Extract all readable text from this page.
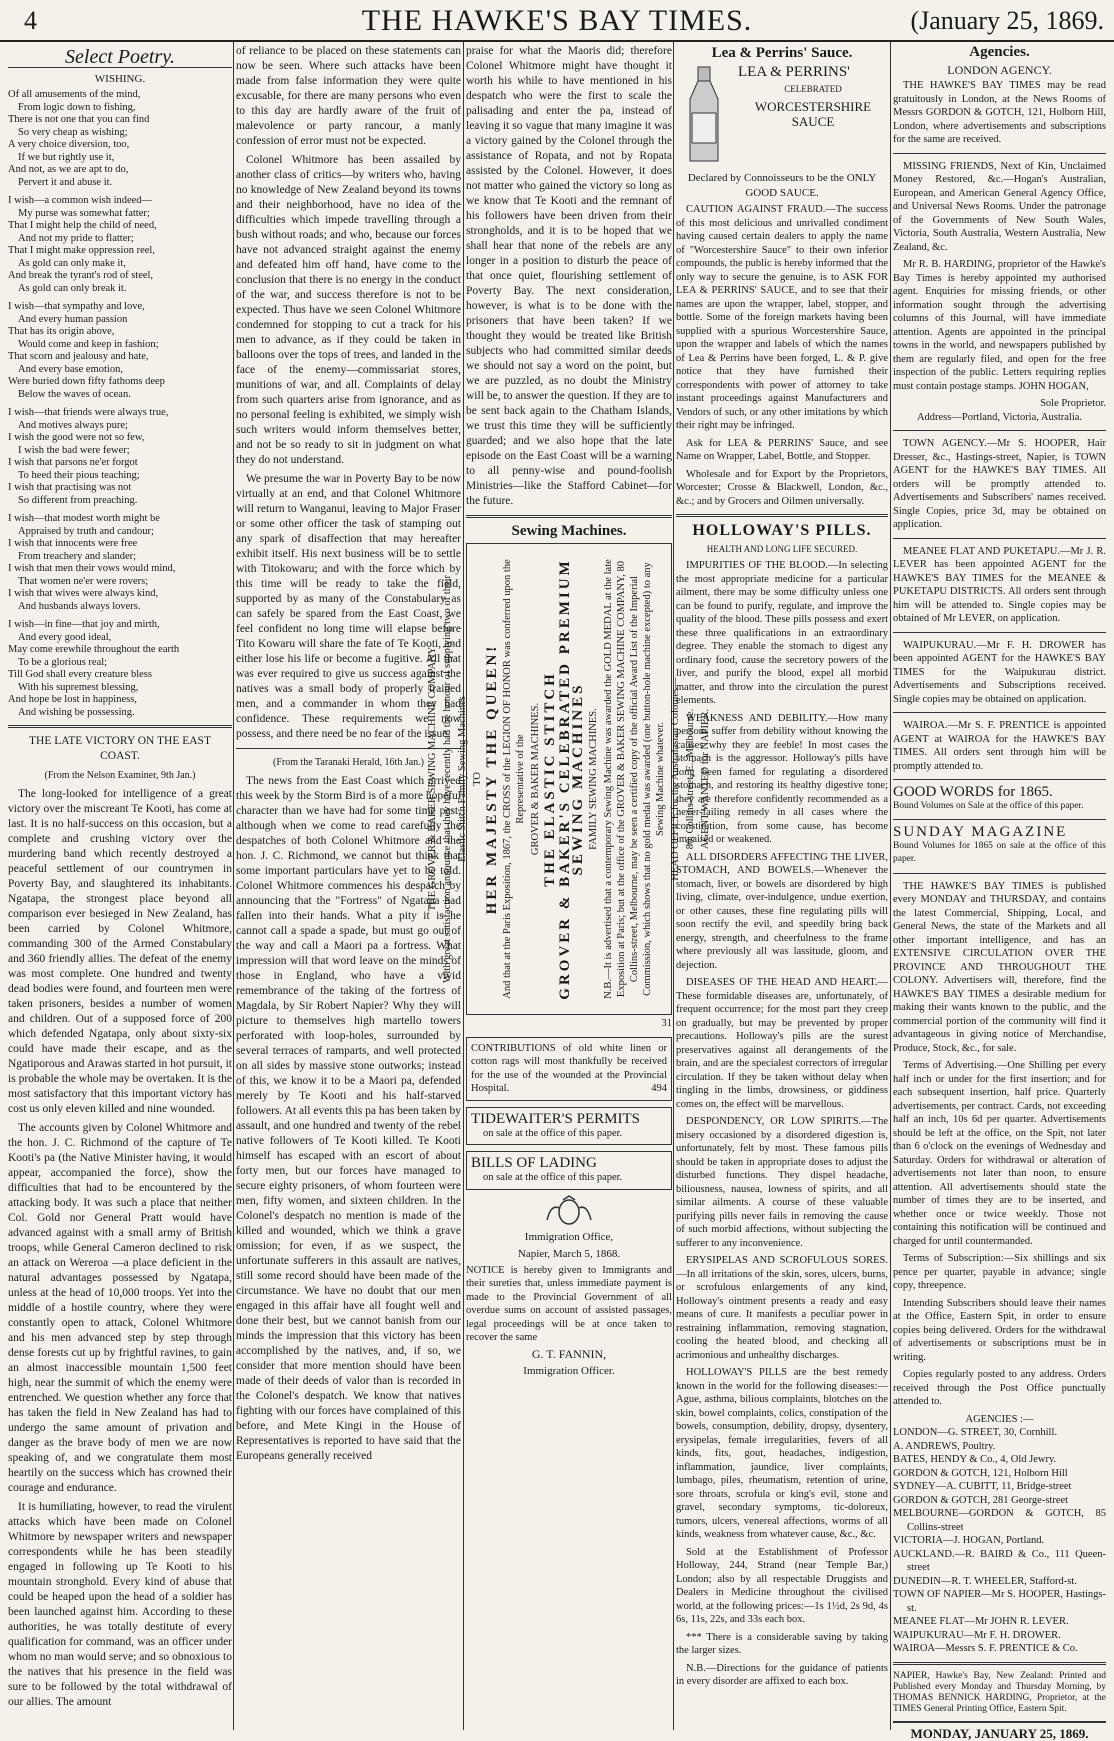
4	THE HAWKE'S BAY TIMES.	(January 25, 1869.
Select Poetry.
WISHING.
Of all amusements of the mind,
From logic down to fishing,
There is not one that you can find
So very cheap as wishing;
A very choice diversion, too,
If we but rightly use it,
And not, as we are apt to do,
Pervert it and abuse it.
I wish—a common wish indeed—
My purse was somewhat fatter;
That I might help the child of need,
And not my pride to flatter;
That I might make oppression reel,
As gold can only make it,
And break the tyrant's rod of steel,
As gold can only break it.
I wish—that sympathy and love,
And every human passion
That has its origin above,
Would come and keep in fashion;
That scorn and jealousy and hate,
And every base emotion,
Were buried down fifty fathoms deep
Below the waves of ocean.
I wish—that friends were always true,
And motives always pure;
I wish the good were not so few,
I wish the bad were fewer;
I wish that parsons ne'er forgot
To heed their pious teaching;
I wish that practising was not
So different from preaching.
I wish—that modest worth might be
Appraised by truth and candour;
I wish that innocents were free
From treachery and slander;
I wish that men their vows would mind,
That women ne'er were rovers;
I wish that wives were always kind,
And husbands always lovers.
I wish—in fine—that joy and mirth,
And every good ideal,
May come erewhile throughout the earth
To be a glorious real;
Till God shall every creature bless
With his supremest blessing,
And hope be lost in happiness,
And wishing be possessing.
THE LATE VICTORY ON THE EAST COAST.
(From the Nelson Examiner, 9th Jan.)

The long-looked for intelligence of a great victory over the miscreant Te Kooti, has come at last. It is no half-success on this occasion, but a complete and crushing victory over the murdering band which recently destroyed a peaceful settlement of our countrymen in Poverty Bay, and slaughtered its inhabitants. Ngatapa, the strongest place beyond all comparison ever besieged in New Zealand, has been carried by Colonel Whitmore, commanding 300 of the Armed Constabulary and 360 friendly allies. The defeat of the enemy was most complete. One hundred and twenty dead bodies were found, and fourteen men were taken prisoners, besides a number of women and children. Out of a supposed force of 200 which defended Ngatapa, only about sixty-six could have made their escape, and as the Ngatiporous and Arawas started in hot pursuit, it is probable the whole may be overtaken. It is the most satisfactory that this important victory has cost us only eleven killed and nine wounded.

The accounts given by Colonel Whitmore and the hon. J. C. Richmond of the capture of Te Kooti's pa (the Native Minister having, it would appear, accompanied the force), show the difficulties that had to be encountered by the attacking body. It was such a place that neither Col. Gold nor General Pratt would have advanced against with a small army of British troops, while General Cameron declined to risk an attack on Wereroa —a place deficient in the natural advantages possessed by Ngatapa, unless at the head of 10,000 troops. Yet into the middle of a hostile country, where they were constantly open to attack, Colonel Whitmore and his men advanced step by step through dense forests cut up by frightful ravines, to gain an almost inaccessible mountain 1,500 feet high, near the summit of which the enemy were entrenched. We question whether any force that has taken the field in New Zealand has had to undergo the same amount of privation and danger as the brave body of men we are now speaking of, and we congratulate them most heartily on the success which has crowned their courage and endurance.

It is humiliating, however, to read the virulent attacks which have been made on Colonel Whitmore by newspaper writers and newspaper correspondents while he has been steadily engaged in following up Te Kooti to his mountain stronghold. Every kind of abuse that could be heaped upon the head of a soldier has been launched against him. According to these authorities, he was totally destitute of every qualification for command, was an officer under whom no man would serve; and so obnoxious to the natives that his presence in the field was sure to be followed by the total withdrawal of our allies. The amount

of reliance to be placed on these statements can now be seen. Where such attacks have been made from false information they were quite excusable, for there are many persons who even to this day are hardly aware of the fruit of malevolence or party rancour, a manly confession of error must not be expected.

Colonel Whitmore has been assailed by another class of critics—by writers who, having no knowledge of New Zealand beyond its towns and their neighborhood, have no idea of the difficulties which impede travelling through a bush without roads; and who, because our forces have not advanced straight against the enemy and defeated him off hand, have come to the conclusion that there is no energy in the conduct of the war, and success therefore is not to be expected. Thus have we seen Colonel Whitmore condemned for stopping to cut a track for his men to advance, as if they could be taken in balloons over the tops of trees, and landed in the face of the enemy—commissariat stores, munitions of war, and all. Complaints of delay from such quarters arise from ignorance, and as no personal feeling is exhibited, we simply wish such writers would inform themselves better, and not be so ready to sit in judgment on what they do not understand.

We presume the war in Poverty Bay to be now virtually at an end, and that Colonel Whitmore will return to Wanganui, leaving to Major Fraser or some other officer the task of stamping out any spark of disaffection that may hereafter exhibit itself. His next business will be to settle with Titokowaru; and with the force which by this time will be ready to take the field, supported by as many of the Constabulary as can safely be spared from the East Coast, we feel confident no long time will elapse before Tito Kowaru will share the fate of Te Kooti, and either lose his life or become a fugitive. All that was ever required to give us success against the natives was a small body of properly trained men, and a commander in whom they had confidence. These requirements we now possess, and there need be no fear of the issue.

(From the Taranaki Herald, 16th Jan.)

The news from the East Coast which arrived this week by the Storm Bird is of a more hopeful character than we have had for some time past, although when we come to read carefully the despatches of both Colonel Whitmore and the hon. J. C. Richmond, we cannot but think that some important particulars have yet to be told. Colonel Whitmore commences his despatch by announcing that the "Fortress" of Ngatapa had fallen into their hands. What a pity it is he cannot call a spade a spade, but must go out of the way and call a Maori pa a fortress. What impression will that word leave on the minds of those in England, who have a vivid remembrance of the taking of the fortress of Magdala, by Sir Robert Napier? Why they will picture to themselves high martello towers perforated with loop-holes, surrounded by several terraces of ramparts, and well protected on all sides by massive stone outworks; instead of this, we know it to be a Maori pa, defended merely by Te Kooti and his half-starved followers. At all events this pa has been taken by assault, and one hundred and twenty of the rebel native followers of Te Kooti killed. Te Kooti himself has escaped with an escort of about forty men, but our forces have managed to secure eighty prisoners, of whom fourteen were men, fifty women, and sixteen children. In the Colonel's despatch no mention is made of the killed and wounded, which we think a grave omission; for even, if as we suspect, the unfortunate sufferers in this assault are natives, still some record should have been made of the circumstance. We have no doubt that our men engaged in this affair have all fought well and done their best, but we cannot banish from our minds the impression that this victory has been accomplished by the natives, and, if so, we consider that more mention should have been made of their deeds of valor than is recorded in the Colonel's despatch. We know that natives fighting with our forces have complained of this before, and Mete Kingi in the House of Representatives is reported to have said that the Europeans generally received

praise for what the Maoris did; therefore Colonel Whitmore might have thought it worth his while to have mentioned in his despatch who were the first to scale the palisading and enter the pa, instead of leaving it so vague that many imagine it was a victory gained by the Colonel through the assistance of Ropata, and not by Ropata assisted by the Colonel. However, it does not matter who gained the victory so long as we know that Te Kooti and the remnant of his followers have been driven from their strongholds, and it is to be hoped that we shall hear that none of the rebels are any longer in a position to disturb the peace of that once quiet, flourishing settlement of Poverty Bay. The next consideration, however, is what is to be done with the prisoners that have been taken? If we thought they would be treated like British subjects who had committed similar deeds we should not say a word on the point, but we are puzzled, as no doubt the Ministry will be, to answer the question. If they are to be sent back again to the Chatham Islands, we trust this time they will be sufficiently guarded; and we also hope that the late episode on the East Coast will be a warning to all penny-wise and pound-foolish Ministries—like the Stafford Cabinet—for the future.

Sewing Machines.
THE GROVER & BAKER SEWING MACHINE COMPANY With great satisfaction announce that they have recently had the honour of supplying two of their Elastic Stitch Family Sewing Machines TO HER MAJESTY THE QUEEN! And that at the Paris Exposition, 1867, the CROSS of the LEGION OF HONOR was conferred upon the Representative of the GROVER & BAKER MACHINES. THE ELASTIC STITCH GROVER & BAKER'S CELEBRATED PREMIUM SEWING MACHINES FAMILY SEWING MACHINES. N.B.—It is advertised that a contemporary Sewing Machine was awarded the GOLD MEDAL at the late Exposition at Paris; but at the office of the GROVER & BAKER SEWING MACHINE COMPANY, 80 Collins-street, Melbourne, may be seen a certified copy of the official Award List of the Imperial Commission, which shows that no gold medal was awarded (one button-hole machine excepted) to any Sewing Machine whatever. HEAD OFFICE for the Australasian Colonies— 80, Collins-street, E., Melbourne. AGENT WANTED for NAPIER.
31
CONTRIBUTIONS of old white linen or cotton rags will most thankfully be received for the use of the wounded at the Provincial Hospital.	494
TIDEWAITER'S PERMITS
on sale at the office of this paper.
BILLS OF LADING
on sale at the office of this paper.
Immigration Office,
Napier, March 5, 1868.
NOTICE is hereby given to Immigrants and their sureties that, unless immediate payment is made to the Provincial Government of all overdue sums on account of assisted passages, legal proceedings will be at once taken to recover the same
G. T. FANNIN,
Immigration Officer.
Lea & Perrins' Sauce.
LEA & PERRINS'
CELEBRATED
WORCESTERSHIRE SAUCE
Declared by Connoisseurs to be the ONLY GOOD SAUCE.

CAUTION AGAINST FRAUD.—The success of this most delicious and unrivalled condiment having caused certain dealers to apply the name of "Worcestershire Sauce" to their own inferior compounds, the public is hereby informed that the only way to secure the genuine, is to ASK FOR LEA & PERRINS' SAUCE, and to see that their names are upon the wrapper, label, stopper, and bottle. Some of the foreign markets having been supplied with a spurious Worcestershire Sauce, upon the wrapper and labels of which the names of Lea & Perrins have been forged, L. & P. give notice that they have furnished their correspondents with power of attorney to take instant proceedings against Manufacturers and Vendors of such, or any other imitations by which their right may be infringed.

Ask for LEA & PERRINS' Sauce, and see Name on Wrapper, Label, Bottle, and Stopper.

Wholesale and for Export by the Proprietors, Worcester; Crosse & Blackwell, London, &c., &c.; and by Grocers and Oilmen universally.

HOLLOWAY'S PILLS.
HEALTH AND LONG LIFE SECURED.

IMPURITIES OF THE BLOOD.—In selecting the most appropriate medicine for a particular ailment, there may be some difficulty unless one can be found to purify, regulate, and improve the quality of the blood. These pills possess and exert these three qualifications in an extraordinary degree. They enable the stomach to digest any ordinary food, cause the secretory powers of the liver, and purify the blood, expel all morbid matter, and throw into the circulation the purest elements.

WEAKNESS AND DEBILITY.—How many persons suffer from debility without knowing the causes why they are feeble! In most cases the stomach is the aggressor. Holloway's pills have long been famed for regulating a disordered stomach, and restoring its healthy digestive tone; they are therefore confidently recommended as a never-failing remedy in all cases where the constitution, from some cause, has become impaired or weakened.

ALL DISORDERS AFFECTING THE LIVER, STOMACH, AND BOWELS.—Whenever the stomach, liver, or bowels are disordered by high living, climate, over-indulgence, undue exertion, or other causes, these fine regulating pills will soon rectify the evil, and speedily bring back energy, strength, and cheerfulness to the frame where previously all was lassitude, gloom, and dejection.

DISEASES OF THE HEAD AND HEART.—These formidable diseases are, unfortunately, of frequent occurrence; for the most part they creep on gradually, but may be prevented by proper precautions. Holloway's pills are the surest preservatives against all derangements of the brain, and are the specialest correctors of irregular circulation. If they be taken without delay when tingling in the limbs, drowsiness, or giddiness comes on, the effect will be marvellous.

DESPONDENCY, OR LOW SPIRITS.—The misery occasioned by a disordered digestion is, unfortunately, felt by most. These famous pills should be taken in appropriate doses to adjust the disturbed functions. They dispel headache, biliousness, nausea, lowness of spirits, and all similar ailments. A course of these valuable purifying pills never fails in removing the cause of such morbid affections, without subjecting the sufferer to any inconvenience.

ERYSIPELAS AND SCROFULOUS SORES.—In all irritations of the skin, sores, ulcers, burns, or scrofulous enlargements of any kind, Holloway's ointment presents a ready and easy means of cure. It manifests a peculiar power in restraining inflammation, removing stagnation, cooling the heated blood, and checking all acrimonious and unhealthy discharges.

HOLLOWAY'S PILLS are the best remedy known in the world for the following diseases:—Ague, asthma, bilious complaints, blotches on the skin, bowel complaints, colics, constipation of the bowels, consumption, debility, dropsy, dysentery, erysipelas, female irregularities, fevers of all kinds, fits, gout, headaches, indigestion, inflammation, jaundice, liver complaints, lumbago, piles, rheumatism, retention of urine, sore throats, scrofula or king's evil, stone and gravel, secondary symptoms, tic-doloreux, tumors, ulcers, venereal affections, worms of all kinds, weakness from whatever cause, &c., &c.

Sold at the Establishment of Professor Holloway, 244, Strand (near Temple Bar,) London; also by all respectable Druggists and Dealers in Medicine throughout the civilised world, at the following prices:—1s 1½d, 2s 9d, 4s 6s, 11s, 22s, and 33s each box.

*** There is a considerable saving by taking the larger sizes.

N.B.—Directions for the guidance of patients in every disorder are affixed to each box.

Agencies.
LONDON AGENCY.

THE HAWKE'S BAY TIMES may be read gratuitously in London, at the News Rooms of Messrs GORDON & GOTCH, 121, Holborn Hill, London, where advertisements and subscriptions for the same are received.

MISSING FRIENDS, Next of Kin, Unclaimed Money Restored, &c.—Hogan's Australian, European, and American General Agency Office, and Universal News Rooms. Under the patronage of the Governments of New South Wales, Victoria, South Australia, Western Australia, New Zealand, &c.

Mr R. B. HARDING, proprietor of the Hawke's Bay Times is hereby appointed my authorised agent. Enquiries for missing friends, or other information sought through the advertising columns of this Journal, will have immediate attention. Agents are appointed in the principal towns in the world, and newspapers published by them are regularly filed, and open for the free inspection of the public. Letters requiring replies must contain postage stamps. JOHN HOGAN,

Sole Proprietor.
Address—Portland, Victoria, Australia.

TOWN AGENCY.—Mr S. HOOPER, Hair Dresser, &c., Hastings-street, Napier, is TOWN AGENT for the HAWKE'S BAY TIMES. All orders will be promptly attended to. Advertisements and Subscribers' names received. Single Copies, price 3d, may be obtained on application.

MEANEE FLAT AND PUKETAPU.—Mr J. R. LEVER has been appointed AGENT for the HAWKE'S BAY TIMES for the MEANEE & PUKETAPU DISTRICTS. All orders sent through him will be attended to. Single copies may be obtained of Mr LEVER, on application.

WAIPUKURAU.—Mr F. H. DROWER has been appointed AGENT for the HAWKE'S BAY TIMES for the Waipukurau district. Advertisements and Subscriptions received. Single copies may be obtained on application.

WAIROA.—Mr S. F. PRENTICE is appointed AGENT at WAIROA for the HAWKE'S BAY TIMES. All orders sent through him will be promptly attended to.

GOOD WORDS for 1865.
Bound Volumes on Sale at the office of this paper.
SUNDAY MAGAZINE
Bound Volumes for 1865 on sale at the office of this paper.

THE HAWKE'S BAY TIMES is published every MONDAY and THURSDAY, and contains the latest Commercial, Shipping, Local, and General News, the state of the Markets and all other important intelligence, and has an EXTENSIVE CIRCULATION OVER THE PROVINCE AND THROUGHOUT THE COLONY. Advertisers will, therefore, find the HAWKE'S BAY TIMES a desirable medium for making their wants known to the public, and the commercial portion of the community will find it advantageous in giving notice of Merchandise, Produce, Stock, &c., for sale.

Terms of Advertising.—One Shilling per every half inch or under for the first insertion; and for each subsequent insertion, half price. Quarterly advertisements, per contract. Cards, not exceeding half an inch, 10s 6d per quarter. Advertisements should be left at the office, on the Spit, not later than 6 o'clock on the evenings of Wednesday and Saturday. Orders for withdrawal or alteration of advertisements not later than noon, to ensure attention. All advertisements should state the number of times they are to be inserted, and whether once or twice weekly. Those not containing this notification will be continued and charged for until countermanded.

Terms of Subscription:—Six shillings and six pence per quarter, payable in advance; single copy, threepence.

Intending Subscribers should leave their names at the Office, Eastern Spit, in order to ensure copies being delivered. Orders for the withdrawal of advertisements or subscriptions must be in writing.

Copies regularly posted to any address. Orders received through the Post Office punctually attended to.

AGENCIES :—
LONDON—G. STREET, 30, Cornhill.
A. ANDREWS, Poultry.
BATES, HENDY & Co., 4, Old Jewry.
GORDON & GOTCH, 121, Holborn Hill
SYDNEY—A. CUBITT, 11, Bridge-street
GORDON & GOTCH, 281 George-street
MELBOURNE—GORDON & GOTCH, 85 Collins-street
VICTORIA—J. HOGAN, Portland.
AUCKLAND.—R. BAIRD & Co., 111 Queen-street
DUNEDIN—R. T. WHEELER, Stafford-st.
TOWN OF NAPIER—Mr S. HOOPER, Hastings-st.
MEANEE FLAT—Mr JOHN R. LEVER.
WAIPUKURAU—Mr F. H. DROWER.
WAIROA—Messrs S. F. PRENTICE & Co.
NAPIER, Hawke's Bay, New Zealand: Printed and Published every Monday and Thursday Morning, by THOMAS BENNICK HARDING, Proprietor, at the TIMES General Printing Office, Eastern Spit.
MONDAY, JANUARY 25, 1869.
